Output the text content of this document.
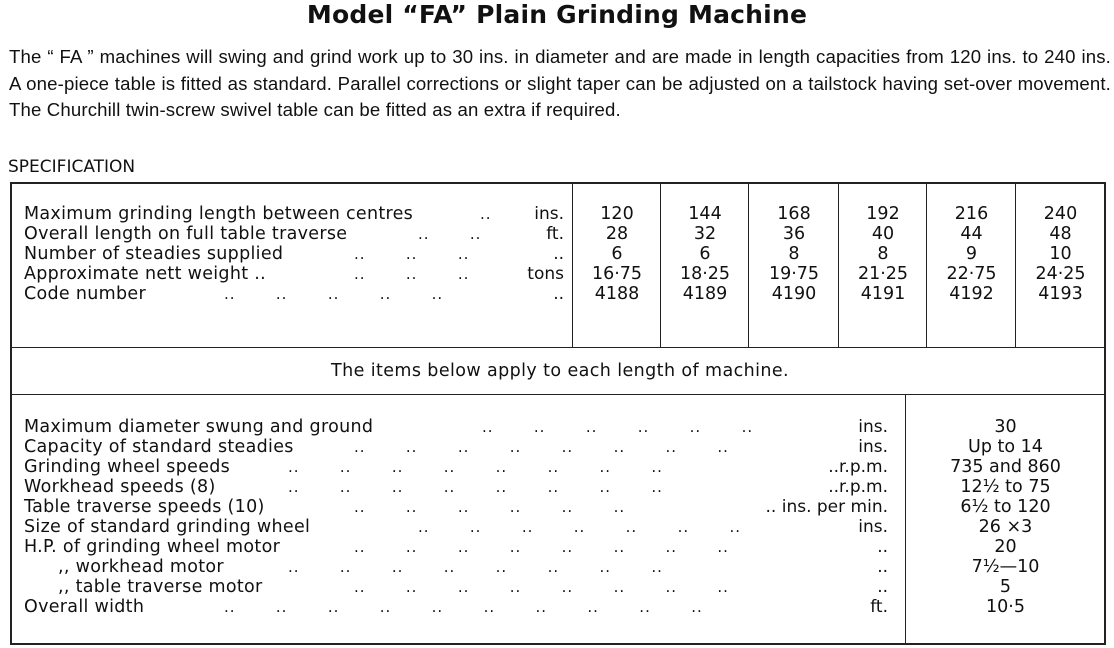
Model “FA” Plain Grinding Machine

The “ FA ” machines will swing and grind work up to 30 ins. in diameter and are made in length capacities from 120 ins. to 240 ins. A one-piece table is fitted as standard. Parallel corrections or slight taper can be adjusted on a tailstock having set-over movement. The Churchill twin-screw swivel table can be fitted as an extra if required.

SPECIFICATION
Maximum grinding length between centres	..	ins.	120	144	168	192	216	240
Overall length on full table traverse	..       ..	ft.	28	32	36	40	44	48
Number of steadies supplied	..       ..       ..	..	6	6	8	8	9	10
Approximate nett weight ..	..       ..       ..	tons	16·75	18·25	19·75	21·25	22·75	24·25
Code number	..       ..       ..       ..       ..	..	4188	4189	4190	4191	4192	4193
The items below apply to each length of machine.
Maximum diameter swung and ground	..       ..       ..       ..       ..       ..	ins.	30
Capacity of standard steadies	..       ..       ..       ..       ..       ..       ..       ..	ins.	Up to 14
Grinding wheel speeds	..       ..       ..       ..       ..       ..       ..       ..	..r.p.m.	735 and 860
Workhead speeds (8)	..       ..       ..       ..       ..       ..       ..       ..	..r.p.m.	12½ to 75
Table traverse speeds (10)	..       ..       ..       ..       ..       ..	.. ins. per min.	6½ to 120
Size of standard grinding wheel	..       ..       ..       ..       ..       ..       ..	ins.	26 ×3
H.P. of grinding wheel motor	..       ..       ..       ..       ..       ..       ..       ..	..	20
,, workhead motor	..       ..       ..       ..       ..       ..       ..       ..	..	7½—10
,, table traverse motor	..       ..       ..       ..       ..       ..       ..       ..	..	5
Overall width	..       ..       ..       ..       ..       ..       ..       ..       ..       ..	ft.	10·5
